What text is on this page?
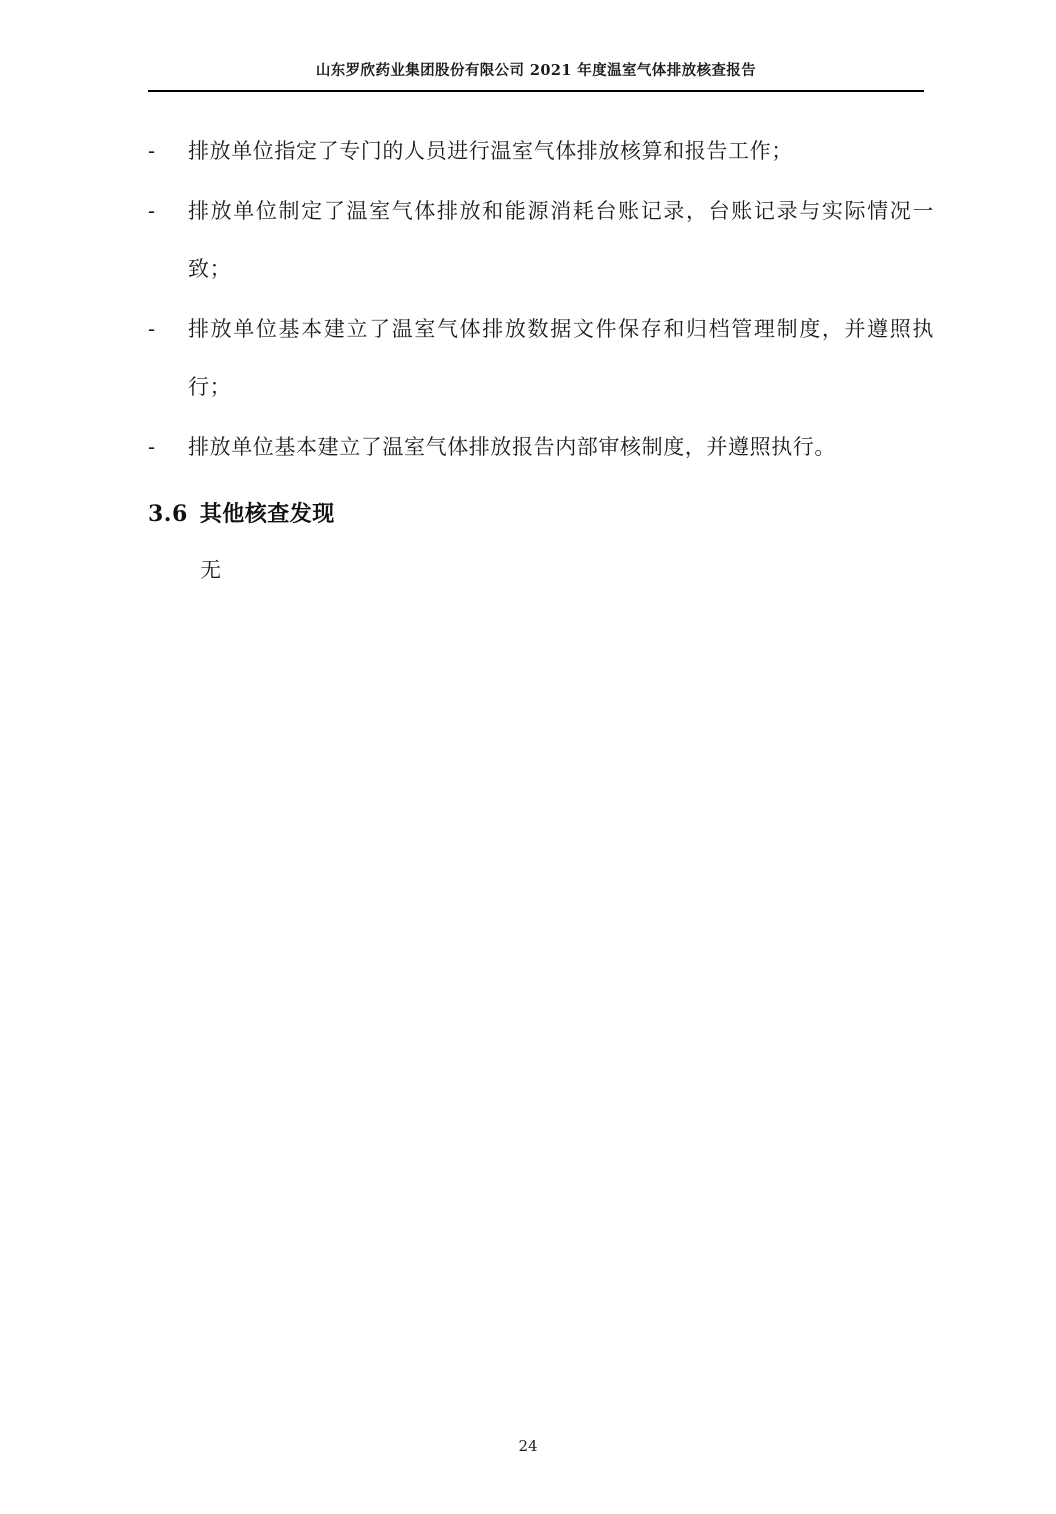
山东罗欣药业集团股份有限公司 2021 年度温室气体排放核查报告
-	排放单位指定了专门的人员进行温室气体排放核算和报告工作；
-	排放单位制定了温室气体排放和能源消耗台账记录，台账记录与实际情况一致；
-	排放单位基本建立了温室气体排放数据文件保存和归档管理制度，并遵照执行；
-	排放单位基本建立了温室气体排放报告内部审核制度，并遵照执行。
3.6 其他核查发现
无
24
